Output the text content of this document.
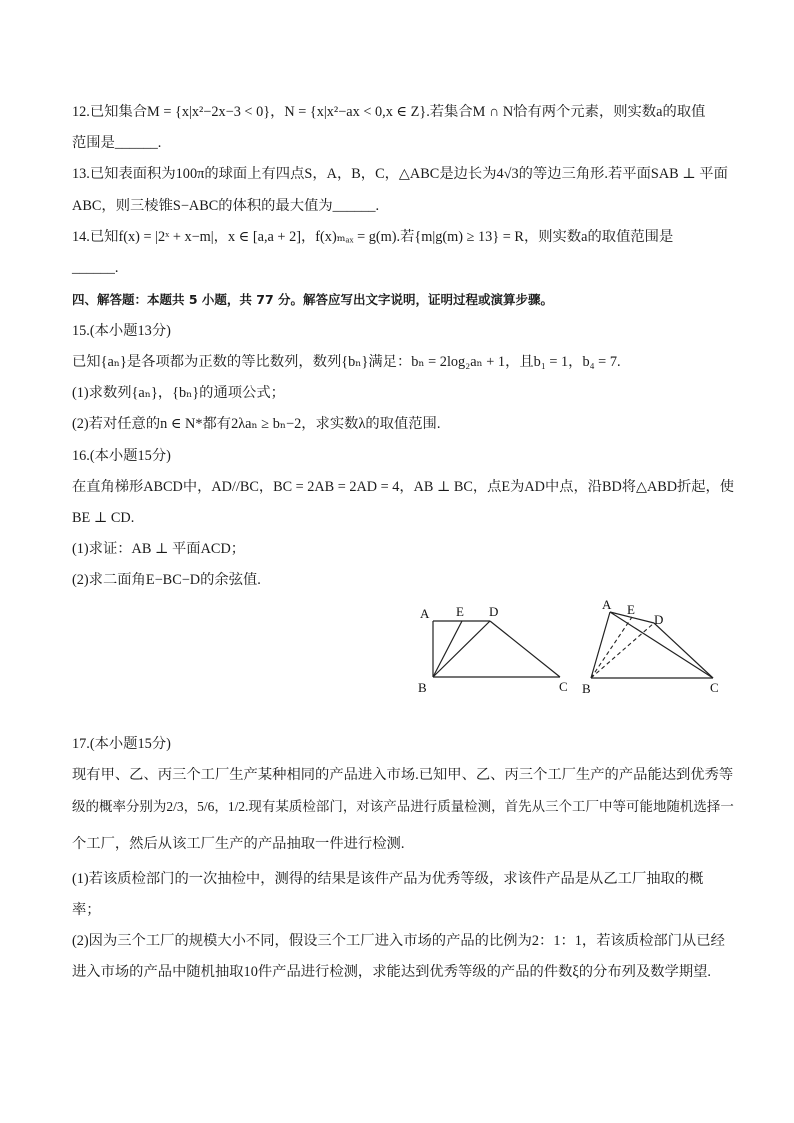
12.已知集合M = {x|x²−2x−3 < 0}，N = {x|x²−ax < 0,x ∈ Z}.若集合M ∩ N恰有两个元素，则实数a的取值
范围是______.
13.已知表面积为100π的球面上有四点S，A，B，C，△ABC是边长为4√3的等边三角形.若平面SAB ⊥ 平面
ABC，则三棱锥S−ABC的体积的最大值为______.
14.已知f(x) = |2ˣ + x−m|，x ∈ [a,a + 2]，f(x)ₘₐₓ = g(m).若{m|g(m) ≥ 13} = R，则实数a的取值范围是
______.
四、解答题：本题共 5 小题，共 77 分。解答应写出文字说明，证明过程或演算步骤。
15.(本小题13分)
已知{aₙ}是各项都为正数的等比数列，数列{bₙ}满足：bₙ = 2log₂aₙ + 1，且b₁ = 1，b₄ = 7.
(1)求数列{aₙ}，{bₙ}的通项公式；
(2)若对任意的n ∈ N*都有2λaₙ ≥ bₙ−2，求实数λ的取值范围.
16.(本小题15分)
在直角梯形ABCD中，AD//BC，BC = 2AB = 2AD = 4，AB ⊥ BC，点E为AD中点，沿BD将△ABD折起，使
BE ⊥ CD.
(1)求证：AB ⊥ 平面ACD；
(2)求二面角E−BC−D的余弦值.
A E D
B	C
A E
D
B	C
17.(本小题15分)
现有甲、乙、丙三个工厂生产某种相同的产品进入市场.已知甲、乙、丙三个工厂生产的产品能达到优秀等
级的概率分别为2/3，5/6，1/2.现有某质检部门，对该产品进行质量检测，首先从三个工厂中等可能地随机选择一
个工厂，然后从该工厂生产的产品抽取一件进行检测.
(1)若该质检部门的一次抽检中，测得的结果是该件产品为优秀等级，求该件产品是从乙工厂抽取的概
率；
(2)因为三个工厂的规模大小不同，假设三个工厂进入市场的产品的比例为2：1：1，若该质检部门从已经
进入市场的产品中随机抽取10件产品进行检测，求能达到优秀等级的产品的件数ξ的分布列及数学期望.
